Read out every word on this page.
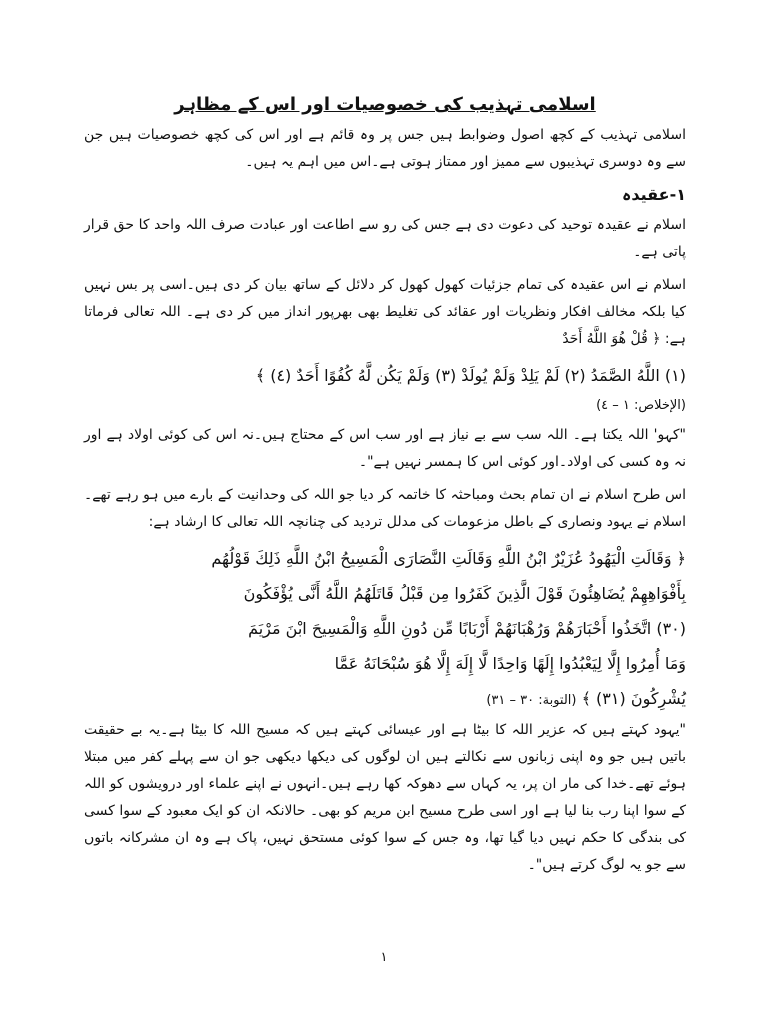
اسلامی تہذیب کی خصوصیات اور اس کے مظاہر

اسلامی تہذیب کے کچھ اصول وضوابط ہیں جس پر وہ قائم ہے اور اس کی کچھ خصوصیات ہیں جن سے وہ دوسری تہذیبوں سے ممیز اور ممتاز ہوتی ہے۔اس میں اہم یہ ہیں۔

۱-عقیدہ

اسلام نے عقیدہ توحید کی دعوت دی ہے جس کی رو سے اطاعت اور عبادت صرف اللہ واحد کا حق قرار پاتی ہے۔

اسلام نے اس عقیدہ کی تمام جزئیات کھول کھول کر دلائل کے ساتھ بیان کر دی ہیں۔اسی پر بس نہیں کیا بلکہ مخالف افکار ونظریات اور عقائد کی تغلیط بھی بھرپور انداز میں کر دی ہے۔ اللہ تعالی فرماتا ہے: ﴿ قُلْ هُوَ اللَّهُ أَحَدٌ

(١) اللَّهُ الصَّمَدُ (٢) لَمْ يَلِدْ وَلَمْ يُولَدْ (٣) وَلَمْ يَكُن لَّهُ كُفُوًا أَحَدٌ (٤) ﴾

(الإخلاص: ١ – ٤)

"کہو' اللہ یکتا ہے۔ اللہ سب سے بے نیاز ہے اور سب اس کے محتاج ہیں۔نہ اس کی کوئی اولاد ہے اور نہ وہ کسی کی اولاد۔اور کوئی اس کا ہمسر نہیں ہے"۔

اس طرح اسلام نے ان تمام بحث ومباحثہ کا خاتمہ کر دیا جو اللہ کی وحدانیت کے بارے میں ہو رہے تھے۔ اسلام نے یہود ونصاری کے باطل مزعومات کی مدلل تردید کی چنانچہ اللہ تعالی کا ارشاد ہے:

﴿ وَقَالَتِ الْيَهُودُ عُزَيْرٌ ابْنُ اللَّهِ وَقَالَتِ النَّصَارَى الْمَسِيحُ ابْنُ اللَّهِ ذَلِكَ قَوْلُهُم
بِأَفْوَاهِهِمْ يُضَاهِئُونَ قَوْلَ الَّذِينَ كَفَرُوا مِن قَبْلُ قَاتَلَهُمُ اللَّهُ أَنَّى يُؤْفَكُونَ
(٣٠) اتَّخَذُوا أَحْبَارَهُمْ وَرُهْبَانَهُمْ أَرْبَابًا مِّن دُونِ اللَّهِ وَالْمَسِيحَ ابْنَ مَرْيَمَ
وَمَا أُمِرُوا إِلَّا لِيَعْبُدُوا إِلَهًا وَاحِدًا لَّا إِلَهَ إِلَّا هُوَ سُبْحَانَهُ عَمَّا
يُشْرِكُونَ (٣١) ﴾ (التوبة: ٣٠ – ٣١)

"یہود کہتے ہیں کہ عزیر اللہ کا بیٹا ہے اور عیسائی کہتے ہیں کہ مسیح اللہ کا بیٹا ہے۔یہ بے حقیقت باتیں ہیں جو وہ اپنی زبانوں سے نکالتے ہیں ان لوگوں کی دیکھا دیکھی جو ان سے پہلے کفر میں مبتلا ہوئے تھے۔خدا کی مار ان پر، یہ کہاں سے دھوکہ کھا رہے ہیں۔انہوں نے اپنے علماء اور درویشوں کو اللہ کے سوا اپنا رب بنا لیا ہے اور اسی طرح مسیح ابن مریم کو بھی۔ حالانکہ ان کو ایک معبود کے سوا کسی کی بندگی کا حکم نہیں دیا گیا تھا، وہ جس کے سوا کوئی مستحق نہیں، پاک ہے وہ ان مشرکانہ باتوں سے جو یہ لوگ کرتے ہیں"۔

١
